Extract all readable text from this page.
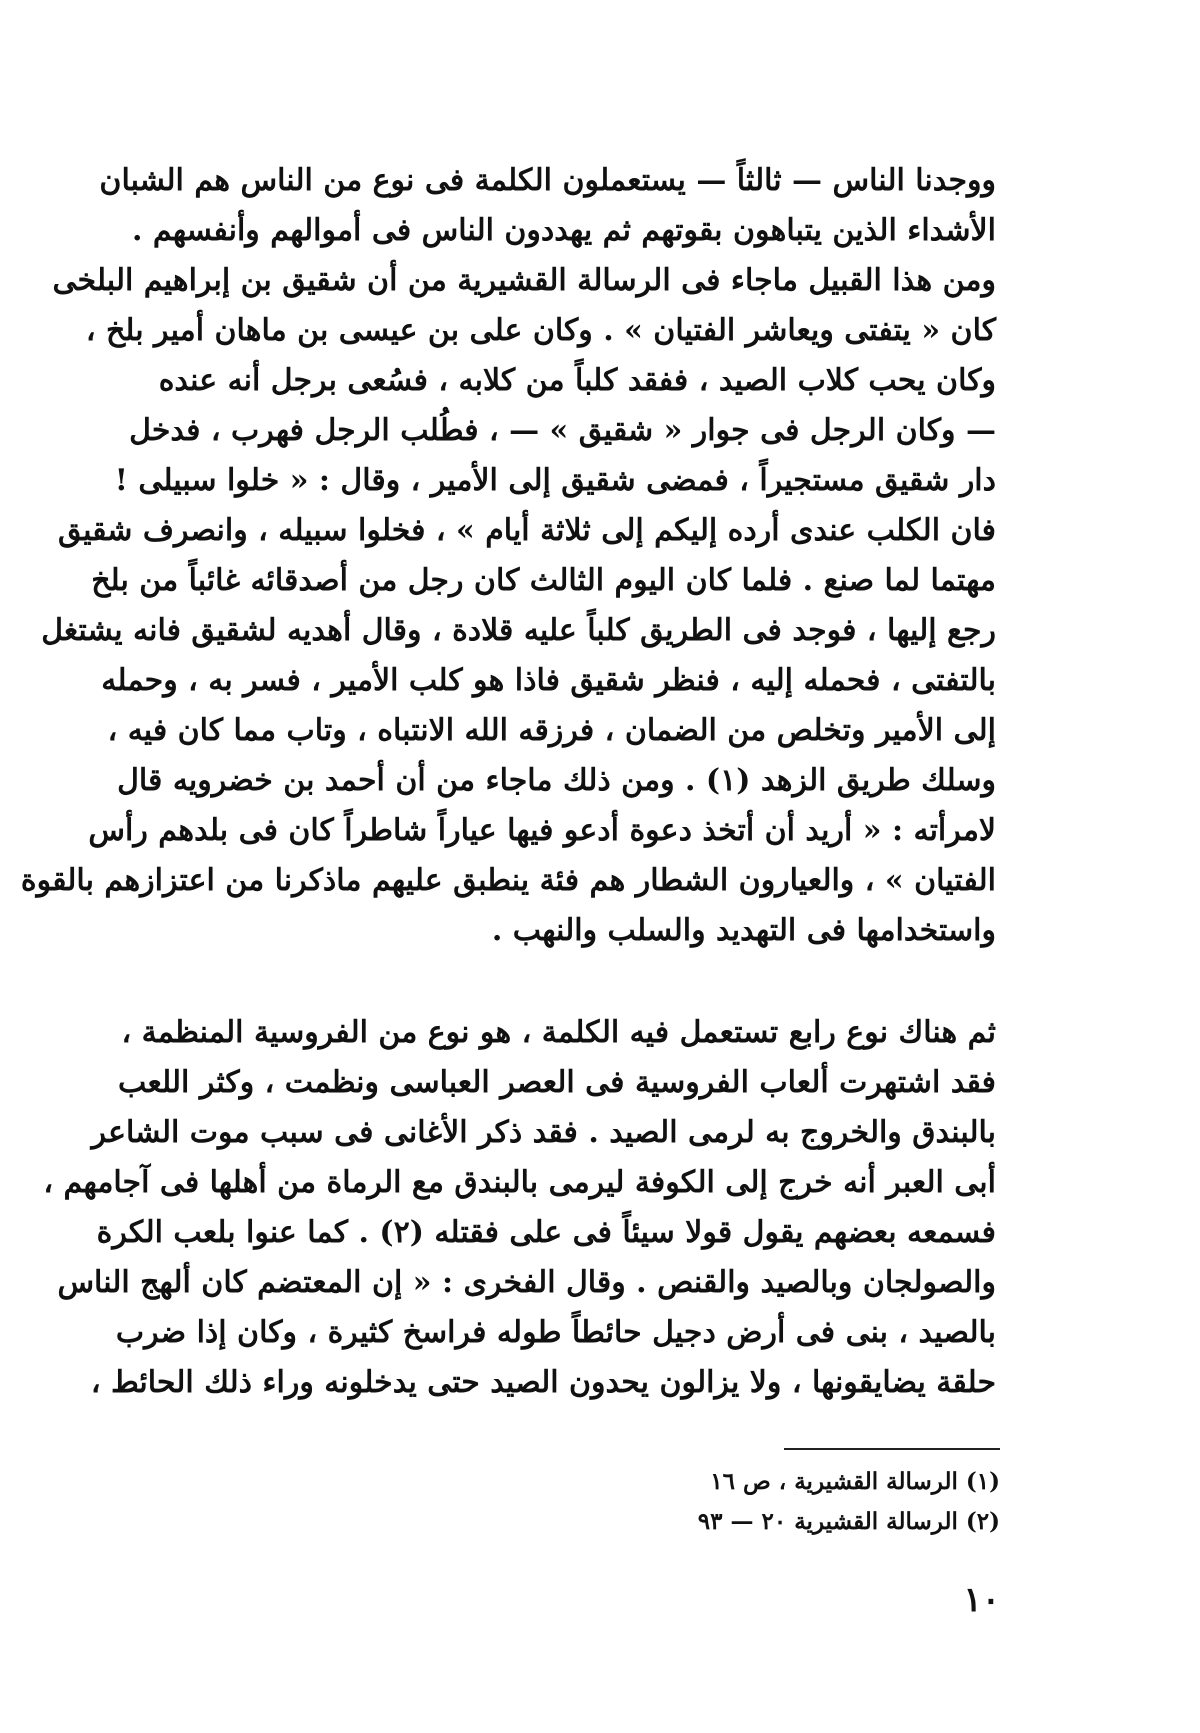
ووجدنا الناس — ثالثاً — يستعملون الكلمة فى نوع من الناس هم الشبان
الأشداء الذين يتباهون بقوتهم ثم يهددون الناس فى أموالهم وأنفسهم .
ومن هذا القبيل ماجاء فى الرسالة القشيرية من أن شقيق بن إبراهيم البلخى
كان « يتفتى ويعاشر الفتيان » . وكان على بن عيسى بن ماهان أمير بلخ ،
وكان يحب كلاب الصيد ، ففقد كلباً من كلابه ، فسُعى برجل أنه عنده
— وكان الرجل فى جوار « شقيق » — ، فطُلب الرجل فهرب ، فدخل
دار شقيق مستجيراً ، فمضى شقيق إلى الأمير ، وقال : « خلوا سبيلى !
فان الكلب عندى أرده إليكم إلى ثلاثة أيام » ، فخلوا سبيله ، وانصرف شقيق
مهتما لما صنع . فلما كان اليوم الثالث كان رجل من أصدقائه غائباً من بلخ
رجع إليها ، فوجد فى الطريق كلباً عليه قلادة ، وقال أهديه لشقيق فانه يشتغل
بالتفتى ، فحمله إليه ، فنظر شقيق فاذا هو كلب الأمير ، فسر به ، وحمله
إلى الأمير وتخلص من الضمان ، فرزقه الله الانتباه ، وتاب مما كان فيه ،
وسلك طريق الزهد (١) . ومن ذلك ماجاء من أن أحمد بن خضرويه قال
لامرأته : « أريد أن أتخذ دعوة أدعو فيها عياراً شاطراً كان فى بلدهم رأس
الفتيان » ، والعيارون الشطار هم فئة ينطبق عليهم ماذكرنا من اعتزازهم بالقوة
واستخدامها فى التهديد والسلب والنهب .
ثم هناك نوع رابع تستعمل فيه الكلمة ، هو نوع من الفروسية المنظمة ،
فقد اشتهرت ألعاب الفروسية فى العصر العباسى ونظمت ، وكثر اللعب
بالبندق والخروج به لرمى الصيد . فقد ذكر الأغانى فى سبب موت الشاعر
أبى العبر أنه خرج إلى الكوفة ليرمى بالبندق مع الرماة من أهلها فى آجامهم ،
فسمعه بعضهم يقول قولا سيئاً فى على فقتله (٢) . كما عنوا بلعب الكرة
والصولجان وبالصيد والقنص . وقال الفخرى : « إن المعتضم كان ألهج الناس
بالصيد ، بنى فى أرض دجيل حائطاً طوله فراسخ كثيرة ، وكان إذا ضرب
حلقة يضايقونها ، ولا يزالون يحدون الصيد حتى يدخلونه وراء ذلك الحائط ،
(١) الرسالة القشيرية ، ص ١٦
(٢) الرسالة القشيرية ٢٠ — ٩٣
١٠
